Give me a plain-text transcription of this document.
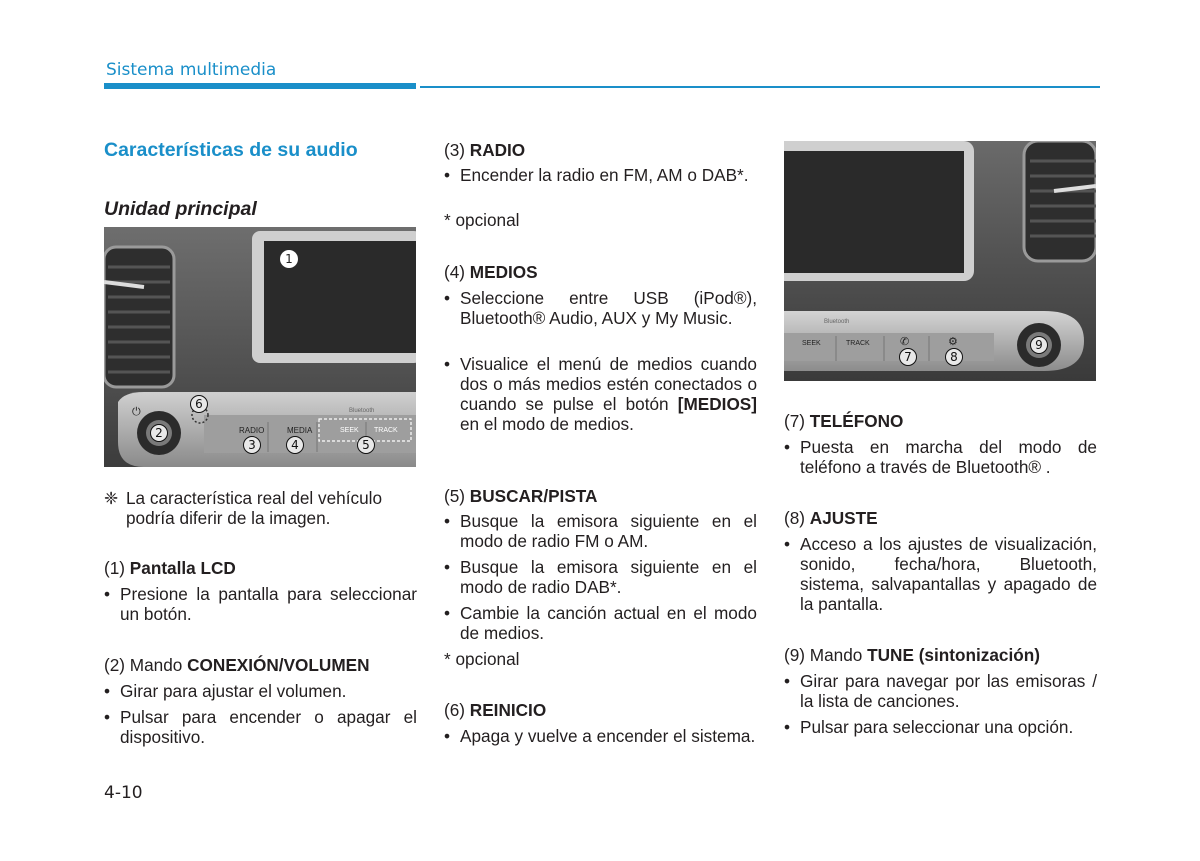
Sistema multimedia
Características de su audio
Unidad principal
⏻
RADIO	MEDIA	SEEK TRACK
Bluetooth
1
2
3	4	5
6
❈ La característica real del vehículo podría diferir de la imagen.
(1) Pantalla LCD
• Presione la pantalla para seleccionar un botón.
(2) Mando CONEXIÓN/VOLUMEN
• Girar para ajustar el volumen.
• Pulsar para encender o apagar el dispositivo.
(3) RADIO
• Encender la radio en FM, AM o DAB*.
* opcional
(4) MEDIOS
• Seleccione entre USB (iPod®), Bluetooth® Audio, AUX y My Music.
• Visualice el menú de medios cuando dos o más medios estén conectados o cuando se pulse el botón [MEDIOS] en el modo de medios.
(5) BUSCAR/PISTA
• Busque la emisora siguiente en el modo de radio FM o AM.
• Busque la emisora siguiente en el modo de radio DAB*.
• Cambie la canción actual en el modo de medios.
* opcional
(6) REINICIO
• Apaga y vuelve a encender el sistema.
SEEK	TRACK
Bluetooth
✆	⚙
7	8
9
(7) TELÉFONO
• Puesta en marcha del modo de teléfono a través de Bluetooth® .
(8) AJUSTE
• Acceso a los ajustes de visualización, sonido, fecha/hora, Bluetooth, sistema, salvapantallas y apagado de la pantalla.
(9) Mando TUNE (sintonización)
• Girar para navegar por las emisoras / la lista de canciones.
• Pulsar para seleccionar una opción.
4-10
